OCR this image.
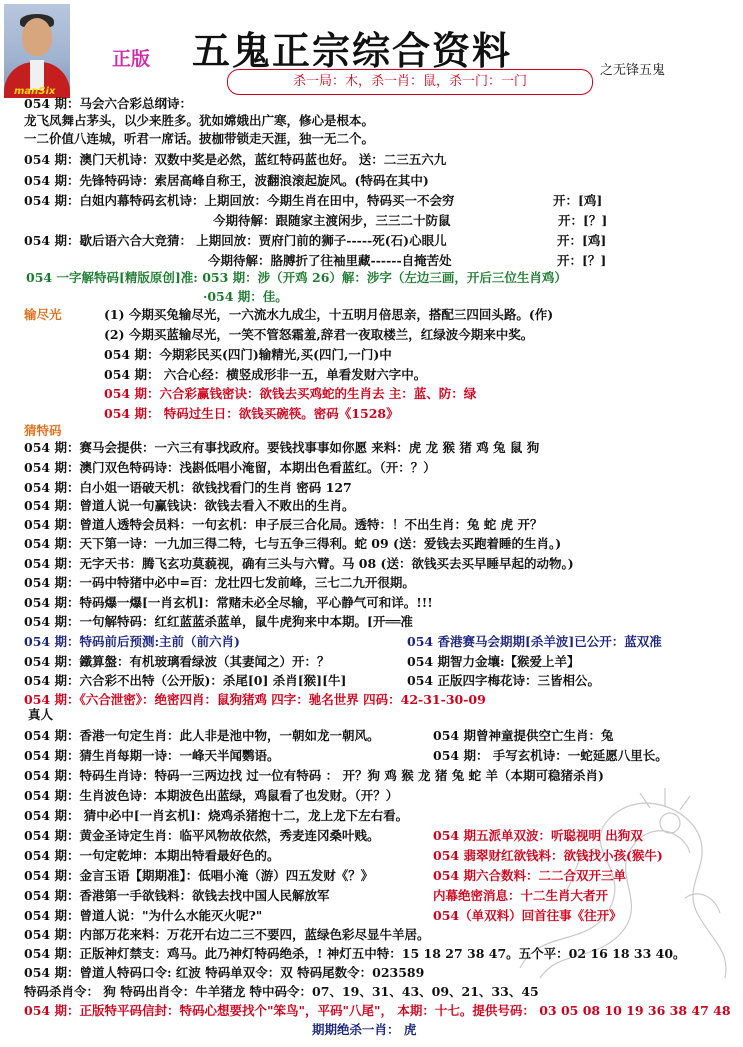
manSix
正版 五鬼正宗综合资料
杀一局：木，杀一肖：鼠，杀一门：一门
之无锋五鬼
054 期：马会六合彩总纲诗：
龙飞凤舞占茅头，以少来胜多。犹如嫦娥出广寒，修心是根本。
一二价值八连城，听君一席话。披枷带锁走天涯，独一无二个。
054 期：澳门天机诗：双数中奖是必然，蓝红特码蓝也好。 送：二三五六九
054 期：先锋特码诗：索居高峰自称王，波翻浪滚起旋风。(特码在其中)
054 期：白姐内幕特码玄机诗：上期回放：今期生肖在田中，特码买一不会穷	开：[鸡]
今期待解：跟随家主渡闲步，三三二十防鼠	开：[？]
054 期：歇后语六合大竞猜： 上期回放：贾府门前的狮子-----死(石)心眼儿	开：[鸡]
今期待解：胳膊折了往袖里藏------自掩苦处	开：[？]
054 一字解特码[精版原创]准: 053 期：涉（开鸡 26）解：涉字（左边三画，开后三位生肖鸡）
·054 期：佳。
输尽光	(1) 今期买兔输尽光，一六流水九成尘，十五明月倍思亲，搭配三四回头路。(作)
(2) 今期买蓝输尽光，一笑不管怒霜羞,辞君一夜取楼兰，红绿波今期来中奖。
054 期：今期彩民买(四门)输精光,买(四门,一门)中
054 期： 六合心经：横竖成形非一五，单看发财六字中。
054 期：六合彩赢钱密诀：欲钱去买鸡蛇的生肖去 主：蓝、防：绿
054 期： 特码过生日：欲钱买碗筷。密码《1528》
猜特码
054 期：赛马会提供：一六三有事找政府。要钱找事事如你愿 来料：虎 龙 猴 猪 鸡 兔 鼠 狗
054 期：澳门双色特码诗：浅斟低唱小淹留，本期出色看蓝红。（开：？）
054 期：白小姐一语破天机：欲钱找看门的生肖 密码 127
054 期：曾道人说一句赢钱诀：欲钱去看入不败出的生肖。
054 期：曾道人透特会员料：一句玄机：申子辰三合化局。透特：！不出生肖：兔 蛇 虎 开？
054 期：天下第一诗：一九加三得二特，七与五争三得利。蛇 09 (送：爱钱去买跑着睡的生肖。)
054 期：无字天书：腾飞玄功莫藐视，确有三头与六臂。马 08 (送：欲钱买去买早睡早起的动物。)
054 期：一码中特猪中必中=百：龙壮四七发前峰，三七二九开很期。
054 期：特码爆一爆[一肖玄机]：常赌未必全尽输，平心静气可和详。!!!
054 期：一句解特码：红红蓝蓝杀蓝单，鼠牛虎狗来中本期。[开══准
054 期：特码前后预测:主前（前六肖)	054 香港赛马会期期[杀羊波]已公开：蓝双准
054 期：鐵算盤：有机玻璃看绿波（其妻闻之）开：？	054 期智力金壤:【猴爱上羊】
054 期：六合彩不出特（公开版)：杀尾[0] 杀肖[猴][牛]	054 正版四字梅花诗：三皆相公。
054 期：《六合泄密》：绝密四肖：鼠狗猪鸡 四字：驰名世界 四码：42-31-30-09
真人
054 期：香港一句定生肖：此人非是池中物，一朝如龙一朝风。	054 期曾神童提供空亡生肖：兔
054 期：猜生肖每期一诗：一峰天半闻鹦语。	054 期： 手写玄机诗：一蛇延愿八里长。
054 期：特码生肖诗：特码一三两边找 过一位有特码 ： 开？狗 鸡 猴 龙 猪 兔 蛇 羊（本期可稳猪杀肖)
054 期：生肖波色诗：本期波色出蓝绿，鸡鼠看了也发财。（开？）
054 期： 猜中必中[一肖玄机]：烧鸡杀猪抱十二，龙上龙下左右看。
054 期：黄金圣诗定生肖：临平风物故依然，秀麦连冈桑叶贱。	054 期五派单双波：听聪视明 出狗双
054 期：一句定乾坤：本期出特看最好色的。	054 翡翠财红欲钱料：欲钱找小孩(猴牛)
054 期：金言玉语【期期准】：低唱小淹（游）四五发财《？》	054 期六合数料：二二合双开三单
054 期：香港第一手欲钱料：欲钱去找中国人民解放军	内幕绝密消息：十二生肖大者开
054 期：曾道人说："为什么水能灭火呢?"	054（单双料）回首往事《往开》
054 期：内部万花来料：万花开右边二三不要四，蓝绿色彩尽显牛羊居。
054 期：正版神灯禁支：鸡马。此乃神灯特码绝杀，! 神灯五中特：15 18 27 38 47。五个平：02 16 18 33 40。
054 期：曾道人特码口令: 红波 特码单双令：双 特码尾数令：023589
特码杀肖令： 狗 特码出肖令：牛羊猪龙 特中码令：07、19、31、43、09、21、33、45
054 期：正版特平码信封：特码心想要找个"笨鸟"，平码"八尾"， 本期：十七。提供号码： 03 05 08 10 19 36 38 47 48
期期绝杀一肖： 虎
